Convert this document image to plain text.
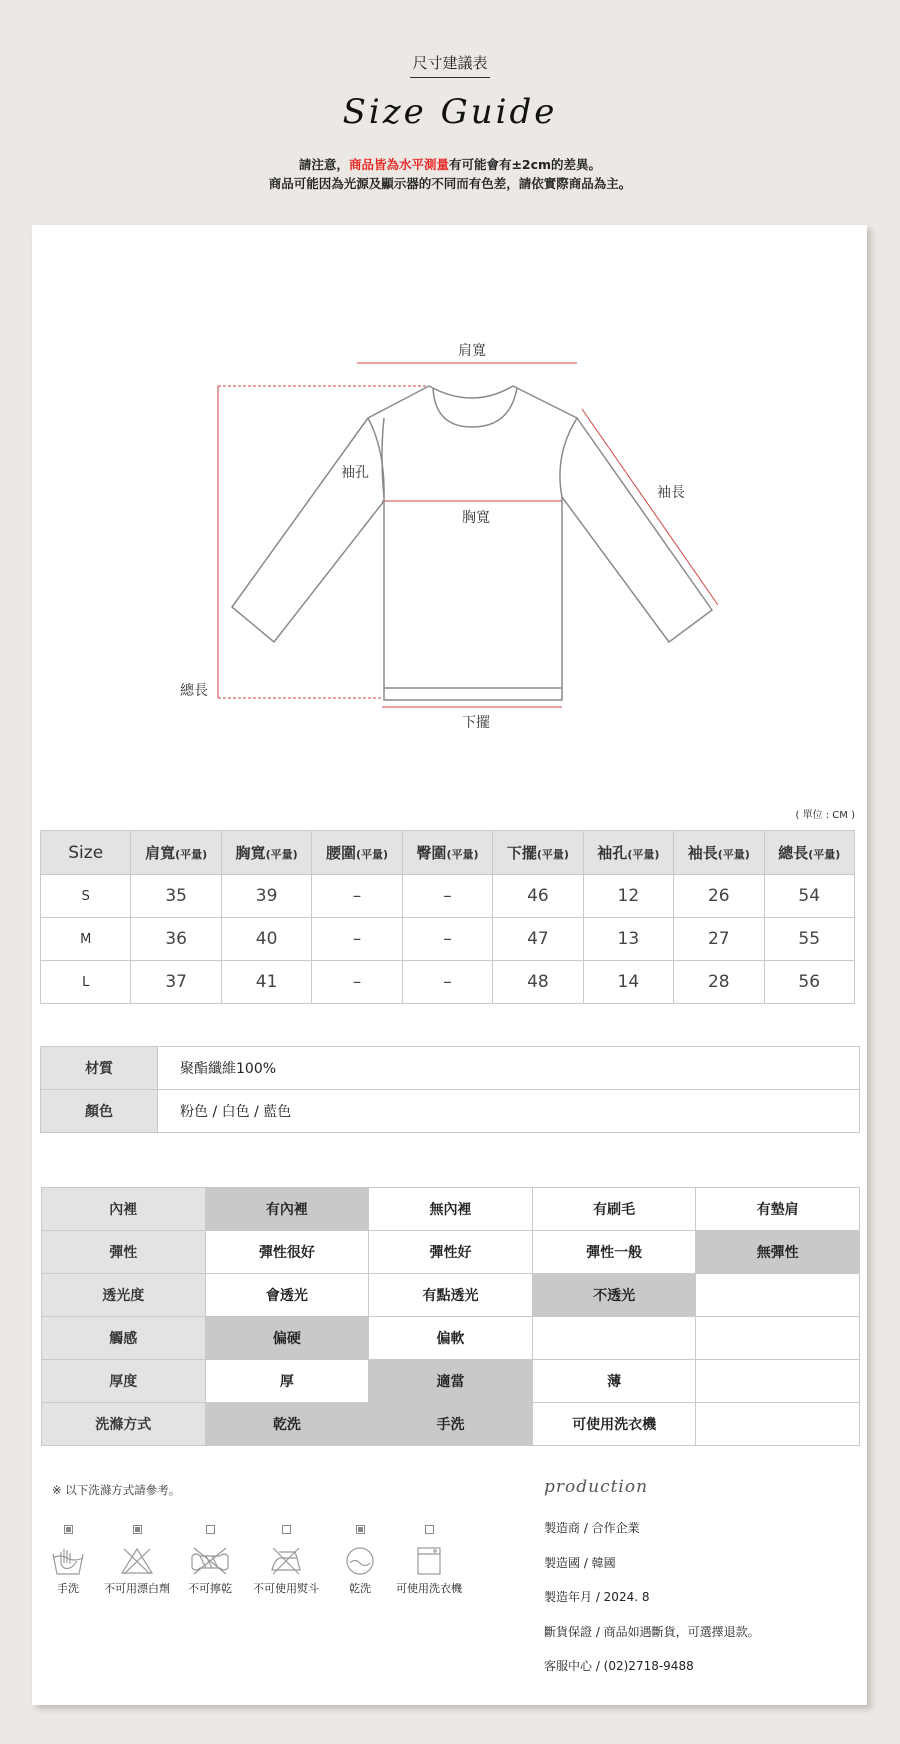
尺寸建議表
Size Guide
請注意，商品皆為水平測量有可能會有±2cm的差異。
商品可能因為光源及顯示器的不同而有色差，請依實際商品為主。
肩寬
袖孔
胸寬
袖長
總長
下擺
( 單位 : CM )
Size	肩寬(平量)	胸寬(平量)	腰圍(平量)	臀圍(平量)	下擺(平量)	袖孔(平量)	袖長(平量)	總長(平量)
S	35	39	–	–	46	12	26	54
M	36	40	–	–	47	13	27	55
L	37	41	–	–	48	14	28	56
材質	聚酯纖維100%
顏色	粉色 / 白色 / 藍色
內裡	有內裡	無內裡	有刷毛	有墊肩
彈性	彈性很好	彈性好	彈性一般	無彈性
透光度	會透光	有點透光	不透光	
觸感	偏硬	偏軟		
厚度	厚	適當	薄	
洗滌方式	乾洗	手洗	可使用洗衣機	
※ 以下洗滌方式請參考。
手洗	不可用漂白劑	不可擰乾	不可使用熨斗	乾洗	可使用洗衣機
production
製造商 / 合作企業
製造國 / 韓國
製造年月 / 2024. 8
斷貨保證 / 商品如遇斷貨，可選擇退款。
客服中心 / (02)2718-9488
